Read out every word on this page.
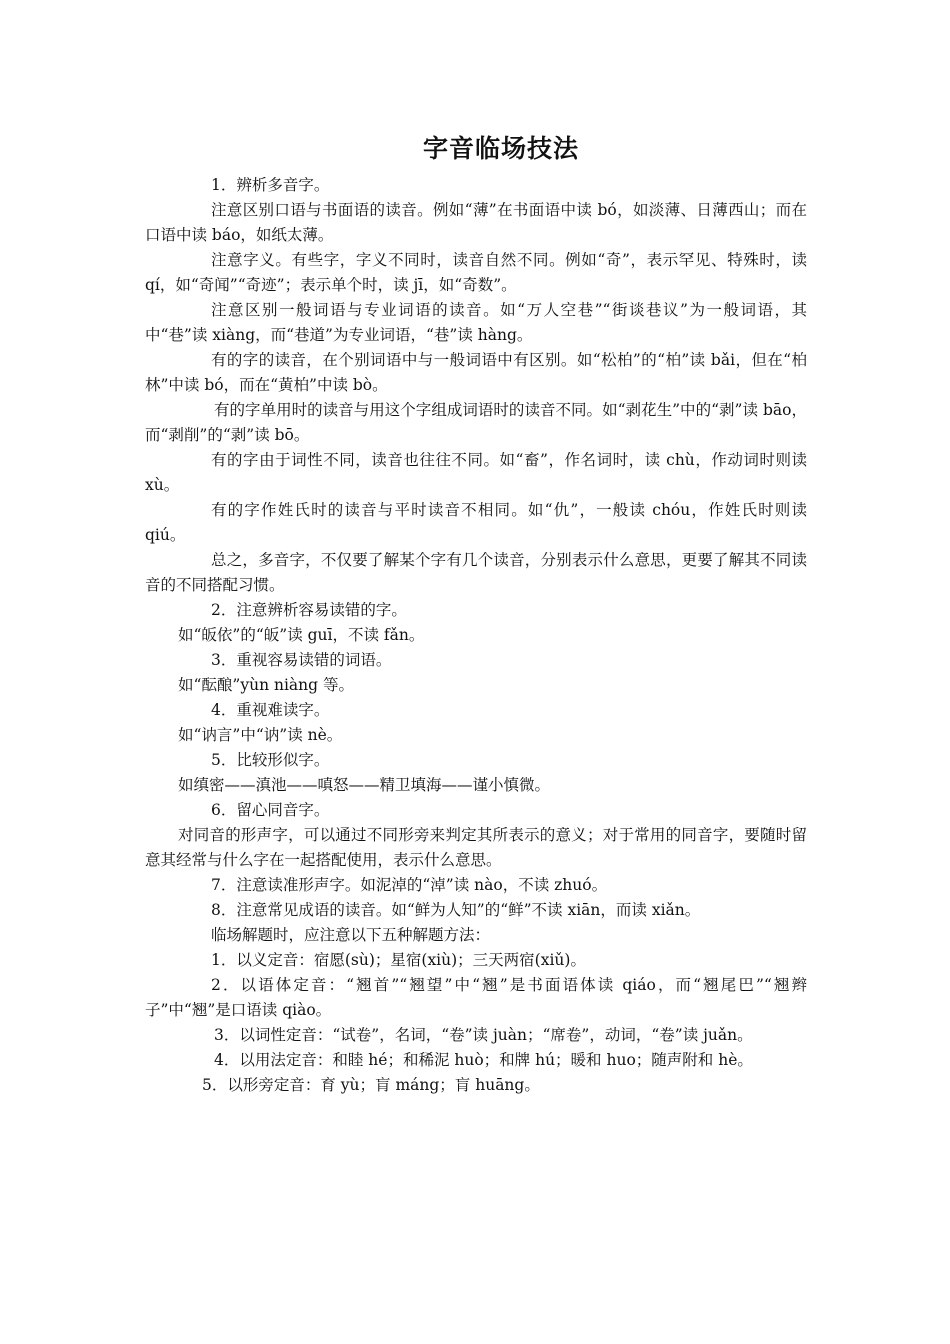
字音临场技法

1．辨析多音字。

注意区别口语与书面语的读音。例如“薄”在书面语中读 bó，如淡薄、日薄西山；而在口语中读 báo，如纸太薄。

注意字义。有些字，字义不同时，读音自然不同。例如“奇”，表示罕见、特殊时，读 qí，如“奇闻”“奇迹”；表示单个时，读 jī，如“奇数”。

注意区别一般词语与专业词语的读音。如“万人空巷”“街谈巷议”为一般词语，其中“巷”读 xiàng，而“巷道”为专业词语，“巷”读 hàng。

有的字的读音，在个别词语中与一般词语中有区别。如“松柏”的“柏”读 bǎi，但在“柏林”中读 bó，而在“黄柏”中读 bò。

有的字单用时的读音与用这个字组成词语时的读音不同。如“剥花生”中的“剥”读 bāo，而“剥削”的“剥”读 bō。

有的字由于词性不同，读音也往往不同。如“畜”，作名词时，读 chù，作动词时则读 xù。

有的字作姓氏时的读音与平时读音不相同。如“仇”，一般读 chóu，作姓氏时则读 qiú。

总之，多音字，不仅要了解某个字有几个读音，分别表示什么意思，更要了解其不同读音的不同搭配习惯。

2．注意辨析容易读错的字。

如“皈依”的“皈”读 guī，不读 fǎn。

3．重视容易读错的词语。

如“酝酿”yùn niàng 等。

4．重视难读字。

如“讷言”中“讷”读 nè。

5．比较形似字。

如缜密——滇池——嗔怒——精卫填海——谨小慎微。

6．留心同音字。

对同音的形声字，可以通过不同形旁来判定其所表示的意义；对于常用的同音字，要随时留意其经常与什么字在一起搭配使用，表示什么意思。

7．注意读准形声字。如泥淖的“淖”读 nào，不读 zhuó。

8．注意常见成语的读音。如“鲜为人知”的“鲜”不读 xiān，而读 xiǎn。

临场解题时，应注意以下五种解题方法：

1．以义定音：宿愿(sù)；星宿(xiù)；三天两宿(xiǔ)。

2．以语体定音：“翘首”“翘望”中“翘”是书面语体读 qiáo，而“翘尾巴”“翘辫子”中“翘”是口语读 qiào。

3．以词性定音：“试卷”，名词，“卷”读 juàn；“席卷”，动词，“卷”读 juǎn。

4．以用法定音：和睦 hé；和稀泥 huò；和牌 hú；暖和 huo；随声附和 hè。

5．以形旁定音：育 yù；肓 máng；肓 huāng。
